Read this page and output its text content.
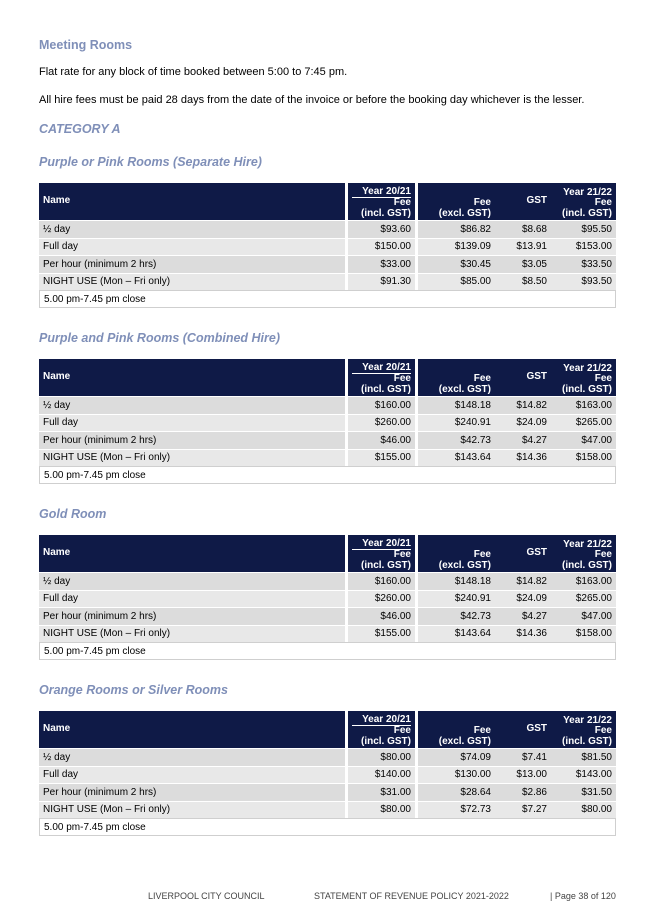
Meeting Rooms

Flat rate for any block of time booked between 5:00 to 7:45 pm.

All hire fees must be paid 28 days from the date of the invoice or before the booking day whichever is the lesser.

CATEGORY A
Purple or Pink Rooms (Separate Hire)
Name	Year 20/21
Fee
(incl. GST)	Fee
(excl. GST)	GST	Year 21/22
Fee
(incl. GST)

½ day	$93.60	$86.82	$8.68	$95.50
Full day	$150.00	$139.09	$13.91	$153.00
Per hour (minimum 2 hrs)	$33.00	$30.45	$3.05	$33.50
NIGHT USE (Mon – Fri only)	$91.30	$85.00	$8.50	$93.50
5.00 pm-7.45 pm close				
Purple and Pink Rooms (Combined Hire)
Name	Year 20/21
Fee
(incl. GST)	Fee
(excl. GST)	GST	Year 21/22
Fee
(incl. GST)

½ day	$160.00	$148.18	$14.82	$163.00
Full day	$260.00	$240.91	$24.09	$265.00
Per hour (minimum 2 hrs)	$46.00	$42.73	$4.27	$47.00
NIGHT USE (Mon – Fri only)	$155.00	$143.64	$14.36	$158.00
5.00 pm-7.45 pm close				
Gold Room
Name	Year 20/21
Fee
(incl. GST)	Fee
(excl. GST)	GST	Year 21/22
Fee
(incl. GST)

½ day	$160.00	$148.18	$14.82	$163.00
Full day	$260.00	$240.91	$24.09	$265.00
Per hour (minimum 2 hrs)	$46.00	$42.73	$4.27	$47.00
NIGHT USE (Mon – Fri only)	$155.00	$143.64	$14.36	$158.00
5.00 pm-7.45 pm close				
Orange Rooms or Silver Rooms
Name	Year 20/21
Fee
(incl. GST)	Fee
(excl. GST)	GST	Year 21/22
Fee
(incl. GST)

½ day	$80.00	$74.09	$7.41	$81.50
Full day	$140.00	$130.00	$13.00	$143.00
Per hour (minimum 2 hrs)	$31.00	$28.64	$2.86	$31.50
NIGHT USE (Mon – Fri only)	$80.00	$72.73	$7.27	$80.00
5.00 pm-7.45 pm close				
LIVERPOOL CITY COUNCIL	STATEMENT OF REVENUE POLICY 2021-2022	| Page 38 of 120
